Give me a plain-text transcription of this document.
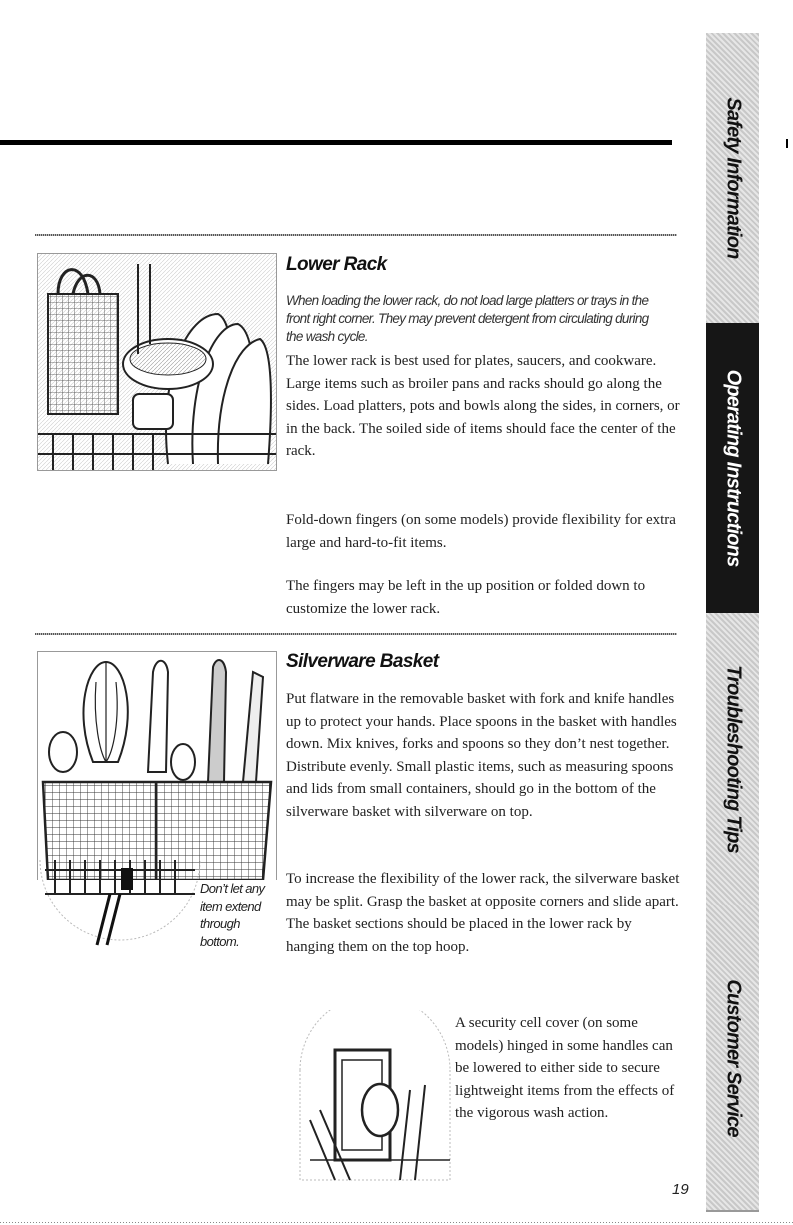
Lower Rack

When loading the lower rack, do not load large platters or trays in the front right corner. They may prevent detergent from circulating during the wash cycle.

The lower rack is best used for plates, saucers, and cookware. Large items such as broiler pans and racks should go along the sides. Load platters, pots and bowls along the sides, in corners, or in the back. The soiled side of items should face the center of the rack.

Fold-down fingers (on some models) provide flexibility for extra large and hard-to-fit items.

The fingers may be left in the up position or folded down to customize the lower rack.

Silverware Basket

Put flatware in the removable basket with fork and knife handles up to protect your hands. Place spoons in the basket with handles down. Mix knives, forks and spoons so they don’t nest together. Distribute evenly. Small plastic items, such as measuring spoons and lids from small containers, should go in the bottom of the silverware basket with silverware on top.

To increase the flexibility of the lower rack, the silverware basket may be split. Grasp the basket at opposite corners and slide apart. The basket sections should be placed in the lower rack by hanging them on the top hoop.

Don’t let any item extend through bottom.

A security cell cover (on some models) hinged in some handles can be lowered to either side to secure lightweight items from the effects of the vigorous wash action.

19

Safety Information
Operating Instructions
Troubleshooting Tips
Customer Service
